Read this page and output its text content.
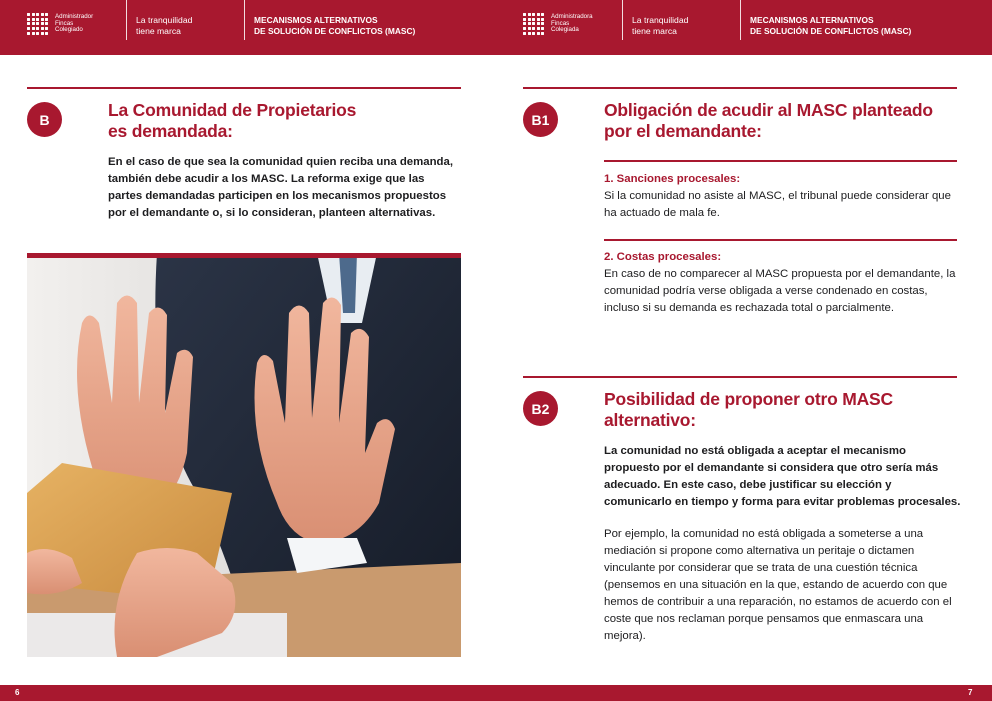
Administrador
Fincas
Colegiado
La tranquilidad
tiene marca
MECANISMOS ALTERNATIVOS
DE SOLUCIÓN DE CONFLICTOS (MASC)
Administradora
Fincas
Colegiada
La tranquilidad
tiene marca
MECANISMOS ALTERNATIVOS
DE SOLUCIÓN DE CONFLICTOS (MASC)
B	La Comunidad de Propietarios
es demandada:
En el caso de que sea la comunidad quien reciba una demanda, también debe acudir a los MASC. La reforma exige que las partes demandadas participen en los mecanismos propuestos por el demandante o, si lo consideran, planteen alternativas.
B1	Obligación de acudir al MASC planteado
por el demandante:
1. Sanciones procesales:
Si la comunidad no asiste al MASC, el tribunal puede considerar que ha actuado de mala fe.
2. Costas procesales:
En caso de no comparecer al MASC propuesta por el demandante, la comunidad podría verse obligada a verse condenado en costas, incluso si su demanda es rechazada total o parcialmente.
B2	Posibilidad de proponer otro MASC
alternativo:
La comunidad no está obligada a aceptar el mecanismo propuesto por el demandante si considera que otro sería más adecuado. En este caso, debe justificar su elección y comunicarlo en tiempo y forma para evitar problemas procesales.
Por ejemplo, la comunidad no está obligada a someterse a una mediación si propone como alternativa un peritaje o dictamen vinculante por considerar que se trata de una cuestión técnica (pensemos en una situación en la que, estando de acuerdo con que hemos de contribuir a una reparación, no estamos de acuerdo con el coste que nos reclaman porque pensamos que enmascara una mejora).
6	7
